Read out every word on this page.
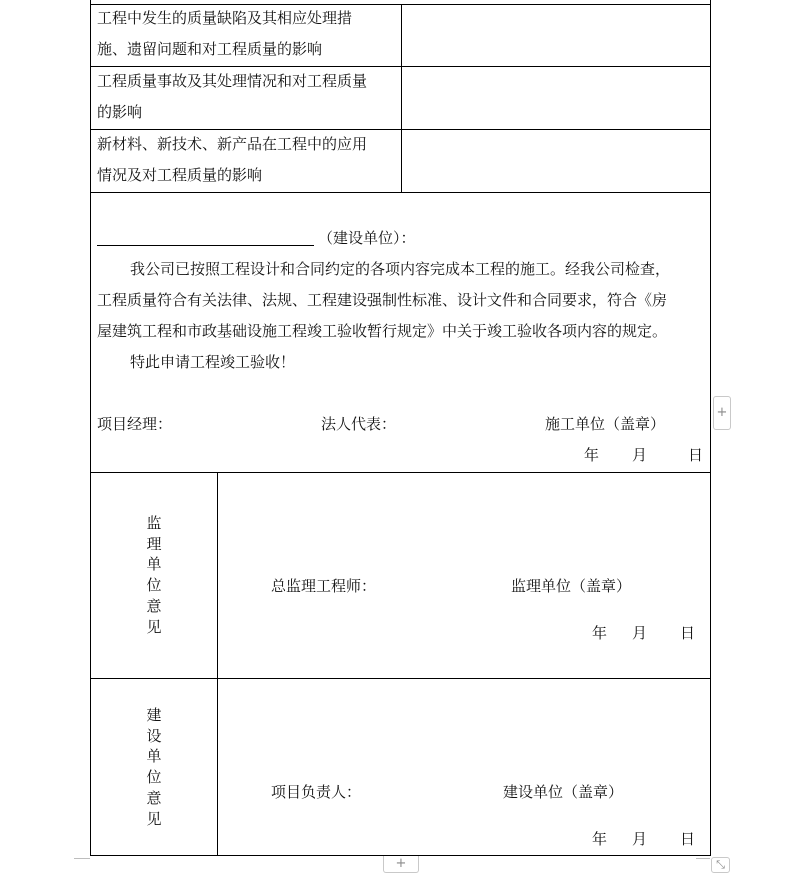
工程中发生的质量缺陷及其相应处理措
施、遗留问题和对工程质量的影响
工程质量事故及其处理情况和对工程质量
的影响
新材料、新技术、新产品在工程中的应用
情况及对工程质量的影响
（建设单位）：
我公司已按照工程设计和合同约定的各项内容完成本工程的施工。经我公司检查，
工程质量符合有关法律、法规、工程建设强制性标准、设计文件和合同要求，符合《房
屋建筑工程和市政基础设施工程竣工验收暂行规定》中关于竣工验收各项内容的规定。
特此申请工程竣工验收！
项目经理：	法人代表：	施工单位（盖章）
年 月	日
监
理
单
位
意
见
总监理工程师：	监理单位（盖章）
年 月 日
建
设
单
位
意
见
项目负责人：	建设单位（盖章）
年 月 日
+
+	⤡
